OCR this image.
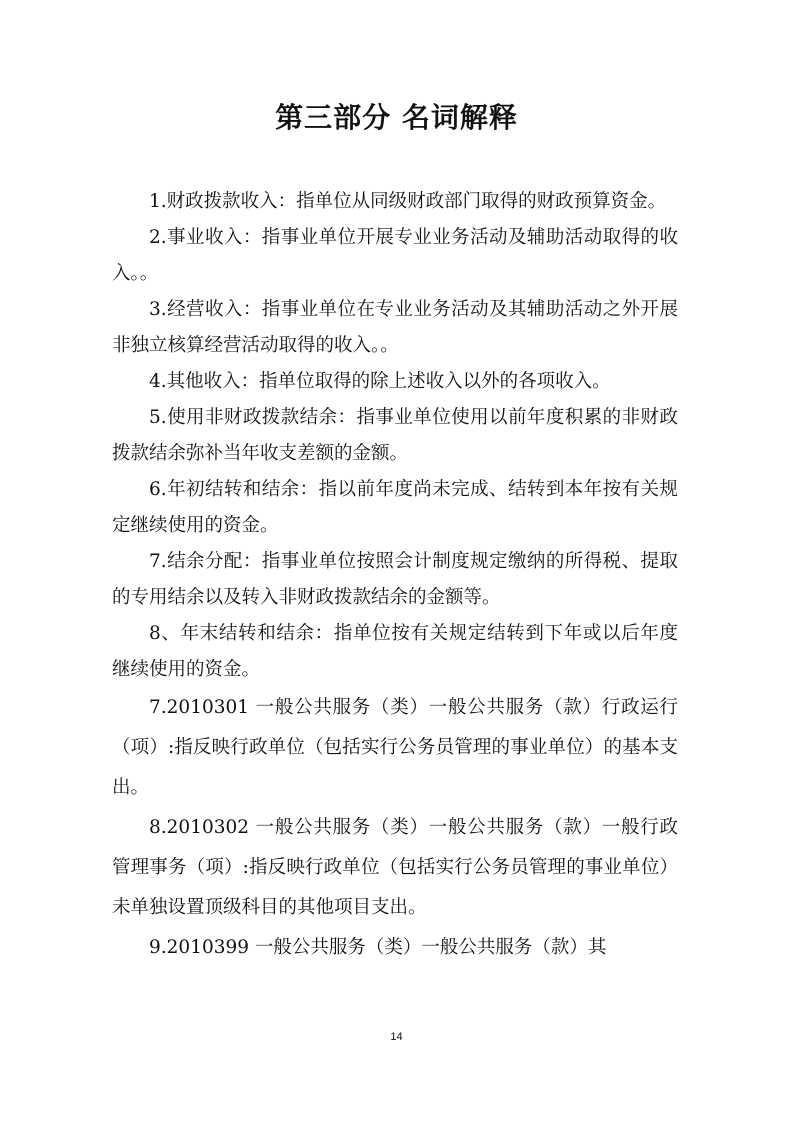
第三部分 名词解释

1.财政拨款收入：指单位从同级财政部门取得的财政预算资金。

2.事业收入：指事业单位开展专业业务活动及辅助活动取得的收入。。

3.经营收入：指事业单位在专业业务活动及其辅助活动之外开展非独立核算经营活动取得的收入。。

4.其他收入：指单位取得的除上述收入以外的各项收入。

5.使用非财政拨款结余：指事业单位使用以前年度积累的非财政拨款结余弥补当年收支差额的金额。

6.年初结转和结余：指以前年度尚未完成、结转到本年按有关规定继续使用的资金。

7.结余分配：指事业单位按照会计制度规定缴纳的所得税、提取的专用结余以及转入非财政拨款结余的金额等。

8、年末结转和结余：指单位按有关规定结转到下年或以后年度继续使用的资金。

7.2010301 一般公共服务（类）一般公共服务（款）行政运行（项）:指反映行政单位（包括实行公务员管理的事业单位）的基本支出。

8.2010302 一般公共服务（类）一般公共服务（款）一般行政管理事务（项）:指反映行政单位（包括实行公务员管理的事业单位）未单独设置顶级科目的其他项目支出。

9.2010399 一般公共服务（类）一般公共服务（款）其

14
